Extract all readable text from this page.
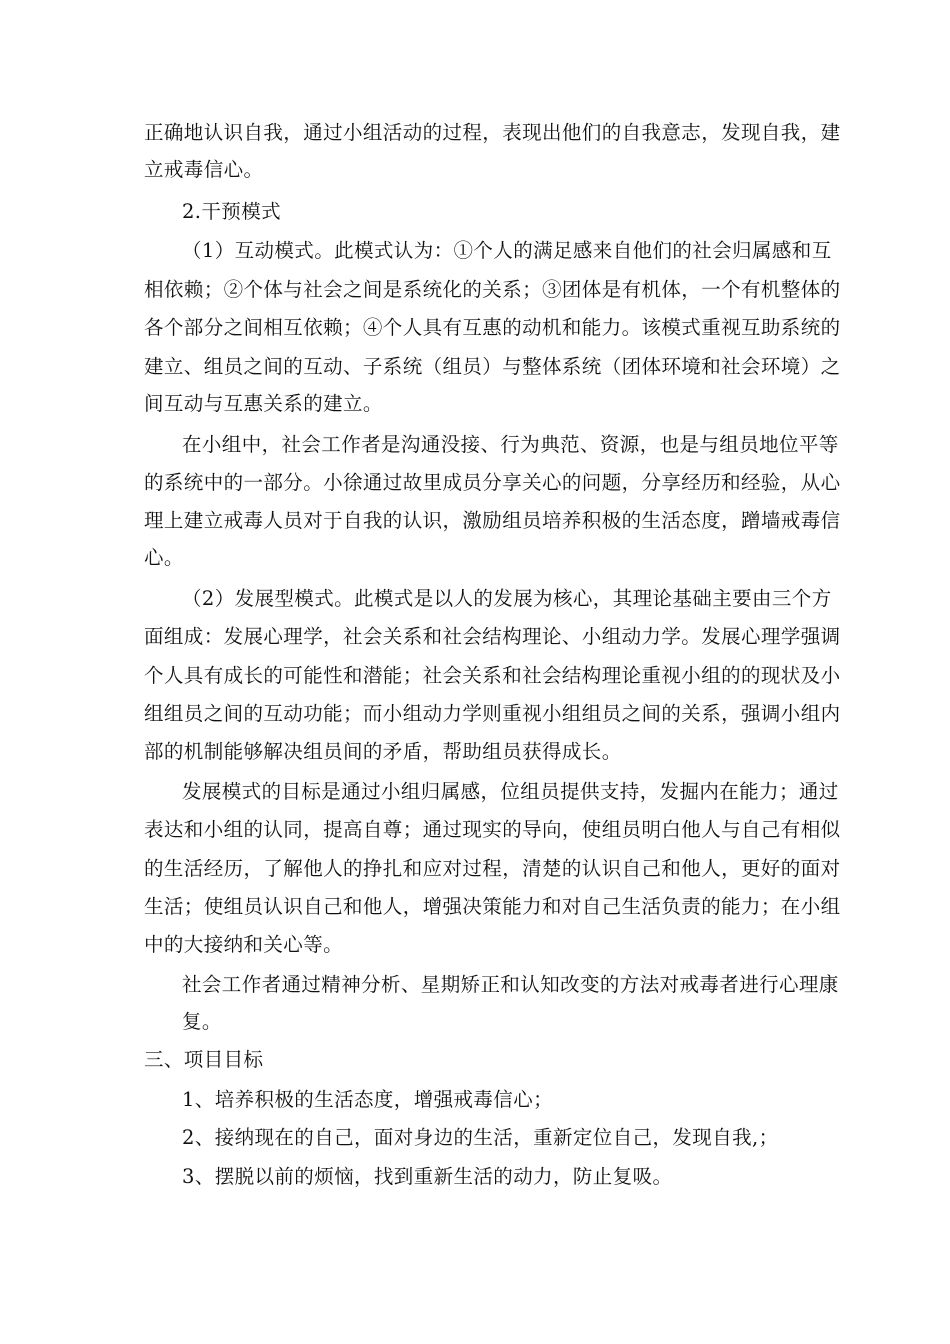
正确地认识自我，通过小组活动的过程，表现出他们的自我意志，发现自我，建
立戒毒信心。
2.干预模式
（1）互动模式。此模式认为：①个人的满足感来自他们的社会归属感和互
相依赖；②个体与社会之间是系统化的关系；③团体是有机体，一个有机整体的
各个部分之间相互依赖；④个人具有互惠的动机和能力。该模式重视互助系统的
建立、组员之间的互动、子系统（组员）与整体系统（团体环境和社会环境）之
间互动与互惠关系的建立。
在小组中，社会工作者是沟通没接、行为典范、资源，也是与组员地位平等
的系统中的一部分。小徐通过故里成员分享关心的问题，分享经历和经验，从心
理上建立戒毒人员对于自我的认识，激励组员培养积极的生活态度，蹭墙戒毒信
心。
（2）发展型模式。此模式是以人的发展为核心，其理论基础主要由三个方
面组成：发展心理学，社会关系和社会结构理论、小组动力学。发展心理学强调
个人具有成长的可能性和潜能；社会关系和社会结构理论重视小组的的现状及小
组组员之间的互动功能；而小组动力学则重视小组组员之间的关系，强调小组内
部的机制能够解决组员间的矛盾，帮助组员获得成长。
发展模式的目标是通过小组归属感，位组员提供支持，发掘内在能力；通过
表达和小组的认同，提高自尊；通过现实的导向，使组员明白他人与自己有相似
的生活经历，了解他人的挣扎和应对过程，清楚的认识自己和他人，更好的面对
生活；使组员认识自己和他人，增强决策能力和对自己生活负责的能力；在小组
中的大接纳和关心等。
社会工作者通过精神分析、星期矫正和认知改变的方法对戒毒者进行心理康
复。
三、项目目标
1、培养积极的生活态度，增强戒毒信心；
2、接纳现在的自己，面对身边的生活，重新定位自己，发现自我,；
3、摆脱以前的烦恼，找到重新生活的动力，防止复吸。
